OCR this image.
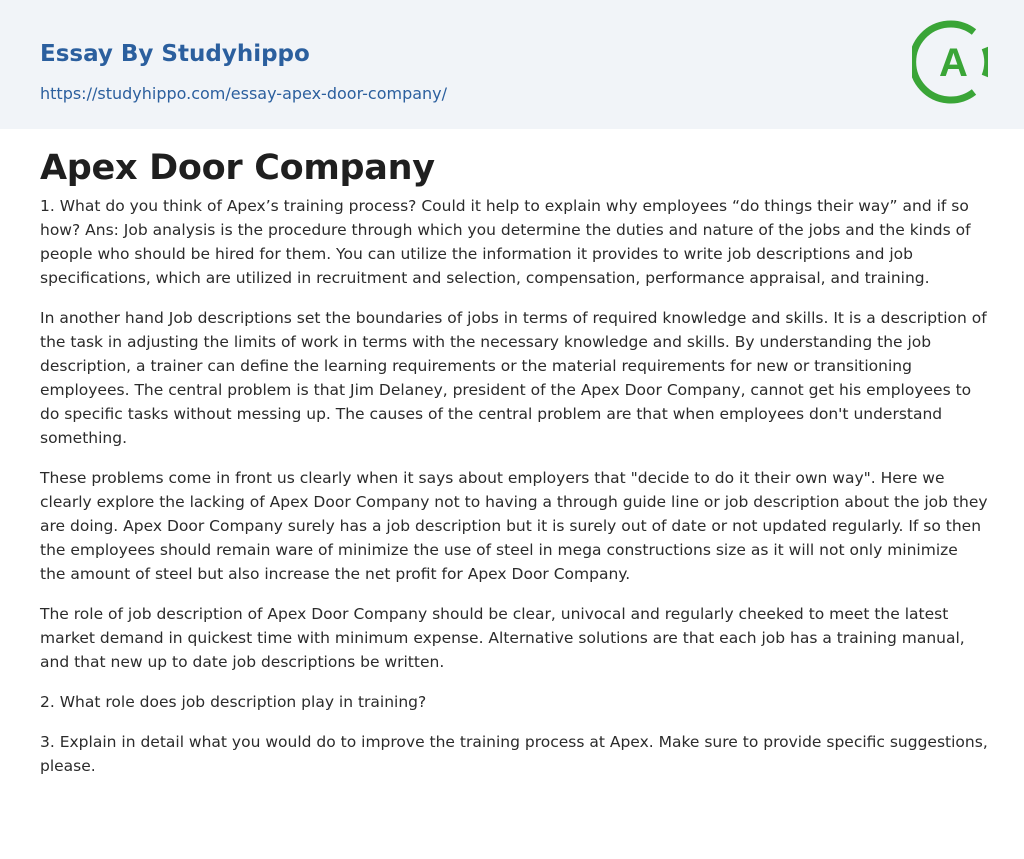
Essay By Studyhippo
https://studyhippo.com/essay-apex-door-company/
A
Apex Door Company

1. What do you think of Apex’s training process? Could it help to explain why employees “do things their way” and if so how? Ans: Job analysis is the procedure through which you determine the duties and nature of the jobs and the kinds of people who should be hired for them. You can utilize the information it provides to write job descriptions and job specifications, which are utilized in recruitment and selection, compensation, performance appraisal, and training.

In another hand Job descriptions set the boundaries of jobs in terms of required knowledge and skills. It is a description of the task in adjusting the limits of work in terms with the necessary knowledge and skills. By understanding the job description, a trainer can define the learning requirements or the material requirements for new or transitioning employees. The central problem is that Jim Delaney, president of the Apex Door Company, cannot get his employees to do specific tasks without messing up. The causes of the central problem are that when employees don't understand something.

These problems come in front us clearly when it says about employers that "decide to do it their own way". Here we clearly explore the lacking of Apex Door Company not to having a through guide line or job description about the job they are doing. Apex Door Company surely has a job description but it is surely out of date or not updated regularly. If so then the employees should remain ware of minimize the use of steel in mega constructions size as it will not only minimize the amount of steel but also increase the net profit for Apex Door Company.

The role of job description of Apex Door Company should be clear, univocal and regularly cheeked to meet the latest market demand in quickest time with minimum expense. Alternative solutions are that each job has a training manual, and that new up to date job descriptions be written.

2. What role does job description play in training?

3. Explain in detail what you would do to improve the training process at Apex. Make sure to provide specific suggestions, please.
